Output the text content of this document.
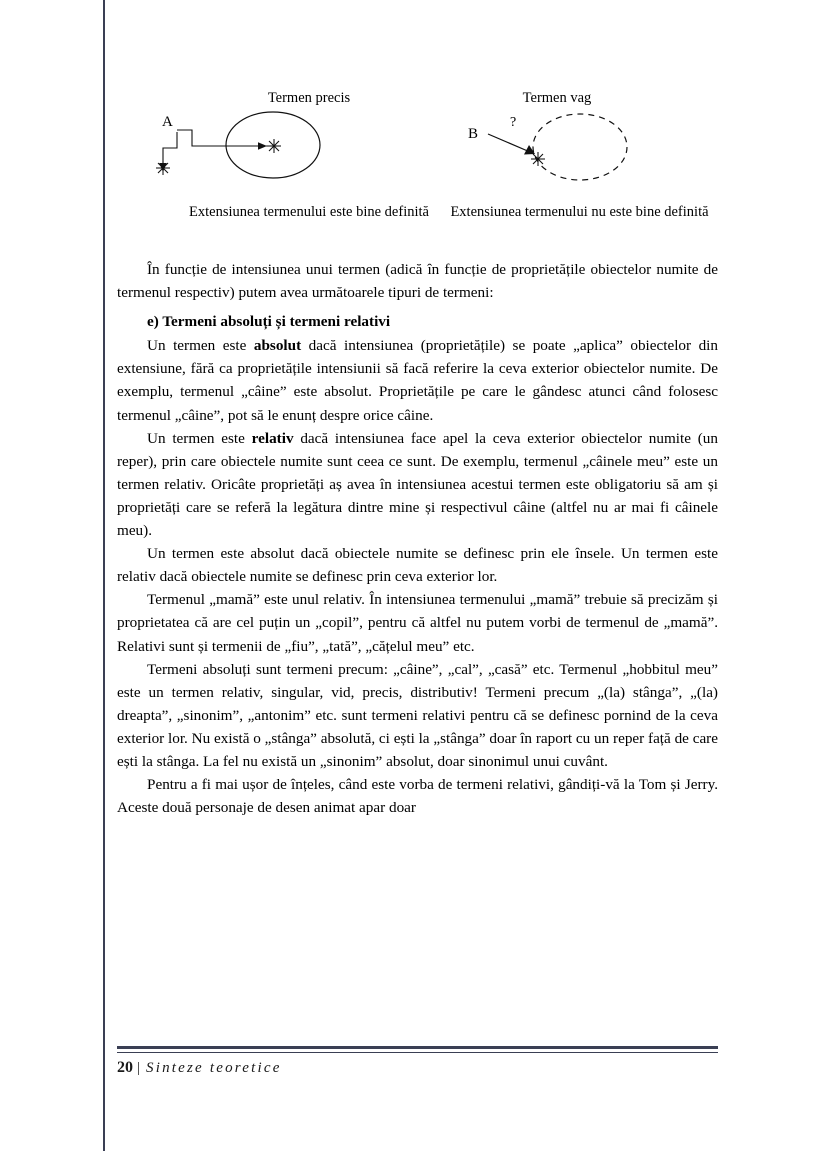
Termen precis	Termen vag
A
B
?
Extensiunea termenului este bine definită	Extensiunea termenului nu este bine definită

În funcție de intensiunea unui termen (adică în funcție de proprietățile obiectelor numite de termenul respectiv) putem avea următoarele tipuri de termeni:

e) Termeni absoluți și termeni relativi

Un termen este absolut dacă intensiunea (proprietățile) se poate „aplica” obiectelor din extensiune, fără ca proprietățile intensiunii să facă referire la ceva exterior obiectelor numite. De exemplu, termenul „câine” este absolut. Proprietățile pe care le gândesc atunci când folosesc termenul „câine”, pot să le enunț despre orice câine.

Un termen este relativ dacă intensiunea face apel la ceva exterior obiectelor numite (un reper), prin care obiectele numite sunt ceea ce sunt. De exemplu, termenul „câinele meu” este un termen relativ. Oricâte proprietăți aș avea în intensiunea acestui termen este obligatoriu să am și proprietăți care se referă la legătura dintre mine și respectivul câine (altfel nu ar mai fi câinele meu).

Un termen este absolut dacă obiectele numite se definesc prin ele însele. Un termen este relativ dacă obiectele numite se definesc prin ceva exterior lor.

Termenul „mamă” este unul relativ. În intensiunea termenului „mamă” trebuie să precizăm și proprietatea că are cel puțin un „copil”, pentru că altfel nu putem vorbi de termenul de „mamă”. Relativi sunt și termenii de „fiu”, „tată”, „cățelul meu” etc.

Termeni absoluți sunt termeni precum: „câine”, „cal”, „casă” etc. Termenul „hobbitul meu” este un termen relativ, singular, vid, precis, distributiv! Termeni precum „(la) stânga”, „(la) dreapta”, „sinonim”, „antonim” etc. sunt termeni relativi pentru că se definesc pornind de la ceva exterior lor. Nu există o „stânga” absolută, ci ești la „stânga” doar în raport cu un reper față de care ești la stânga. La fel nu există un „sinonim” absolut, doar sinonimul unui cuvânt.

Pentru a fi mai ușor de înțeles, când este vorba de termeni relativi, gândiți-vă la Tom și Jerry. Aceste două personaje de desen animat apar doar

20 | Sinteze teoretice
